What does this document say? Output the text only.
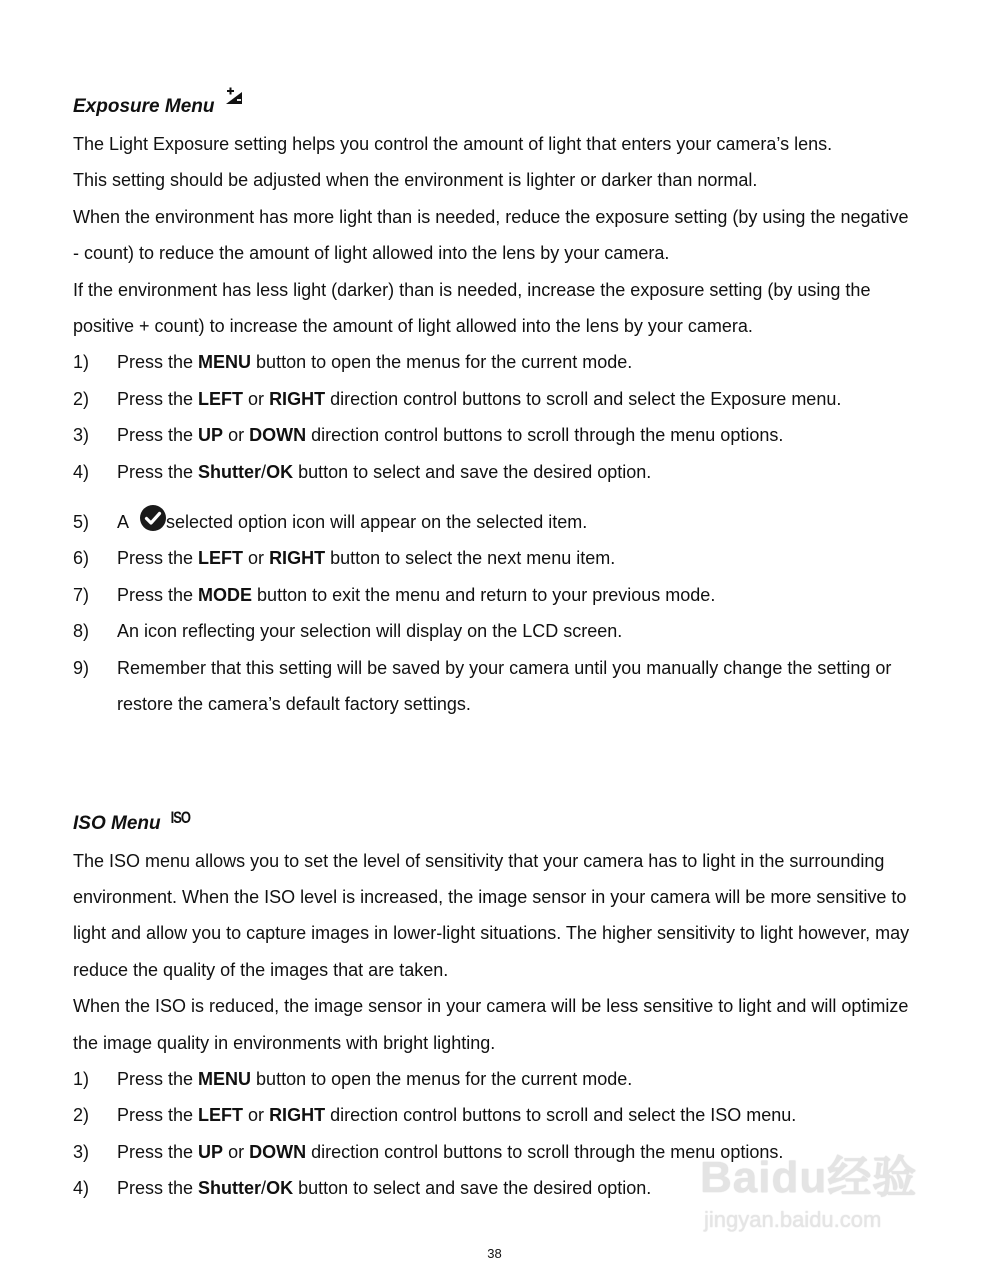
Exposure Menu

The Light Exposure setting helps you control the amount of light that enters your camera’s lens.

This setting should be adjusted when the environment is lighter or darker than normal.

When the environment has more light than is needed, reduce the exposure setting (by using the negative - count) to reduce the amount of light allowed into the lens by your camera.

If the environment has less light (darker) than is needed, increase the exposure setting (by using the positive + count) to increase the amount of light allowed into the lens by your camera.

1)	Press the MENU button to open the menus for the current mode.
2)	Press the LEFT or RIGHT direction control buttons to scroll and select the Exposure menu.
3)	Press the UP or DOWN direction control buttons to scroll through the menu options.
4)	Press the Shutter/OK button to select and save the desired option.
5)	A selected option icon will appear on the selected item.
6)	Press the LEFT or RIGHT button to select the next menu item.
7)	Press the MODE button to exit the menu and return to your previous mode.
8)	An icon reflecting your selection will display on the LCD screen.
9)	Remember that this setting will be saved by your camera until you manually change the setting or restore the camera’s default factory settings.
ISO Menu ISO

The ISO menu allows you to set the level of sensitivity that your camera has to light in the surrounding environment. When the ISO level is increased, the image sensor in your camera will be more sensitive to light and allow you to capture images in lower-light situations. The higher sensitivity to light however, may reduce the quality of the images that are taken.

When the ISO is reduced, the image sensor in your camera will be less sensitive to light and will optimize the image quality in environments with bright lighting.

1)	Press the MENU button to open the menus for the current mode.
2)	Press the LEFT or RIGHT direction control buttons to scroll and select the ISO menu.
3)	Press the UP or DOWN direction control buttons to scroll through the menu options.
4)	Press the Shutter/OK button to select and save the desired option.	Baidu经验
jingyan.baidu.com
38
